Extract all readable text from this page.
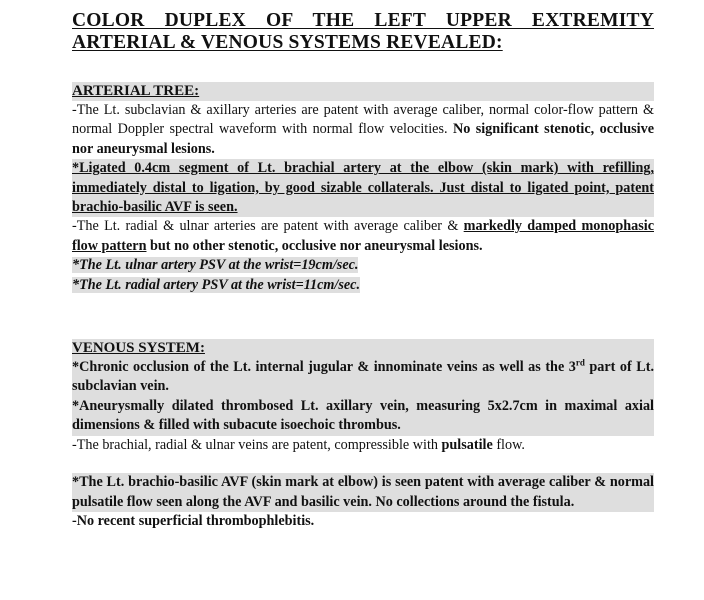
COLOR DUPLEX OF THE LEFT UPPER EXTREMITY
ARTERIAL & VENOUS SYSTEMS REVEALED:
ARTERIAL TREE:

-The Lt. subclavian & axillary arteries are patent with average caliber, normal color-flow pattern & normal Doppler spectral waveform with normal flow velocities. No significant stenotic, occlusive nor aneurysmal lesions.

*Ligated 0.4cm segment of Lt. brachial artery at the elbow (skin mark) with refilling, immediately distal to ligation, by good sizable collaterals. Just distal to ligated point, patent brachio-basilic AVF is seen.

-The Lt. radial & ulnar arteries are patent with average caliber & markedly damped monophasic flow pattern but no other stenotic, occlusive nor aneurysmal lesions.

*The Lt. ulnar artery PSV at the wrist=19cm/sec.

*The Lt. radial artery PSV at the wrist=11cm/sec.

VENOUS SYSTEM:

*Chronic occlusion of the Lt. internal jugular & innominate veins as well as the 3rd part of Lt. subclavian vein.

*Aneurysmally dilated thrombosed Lt. axillary vein, measuring 5x2.7cm in maximal axial dimensions & filled with subacute isoechoic thrombus.

-The brachial, radial & ulnar veins are patent, compressible with pulsatile flow.

*The Lt. brachio-basilic AVF (skin mark at elbow) is seen patent with average caliber & normal pulsatile flow seen along the AVF and basilic vein. No collections around the fistula.

-No recent superficial thrombophlebitis.
